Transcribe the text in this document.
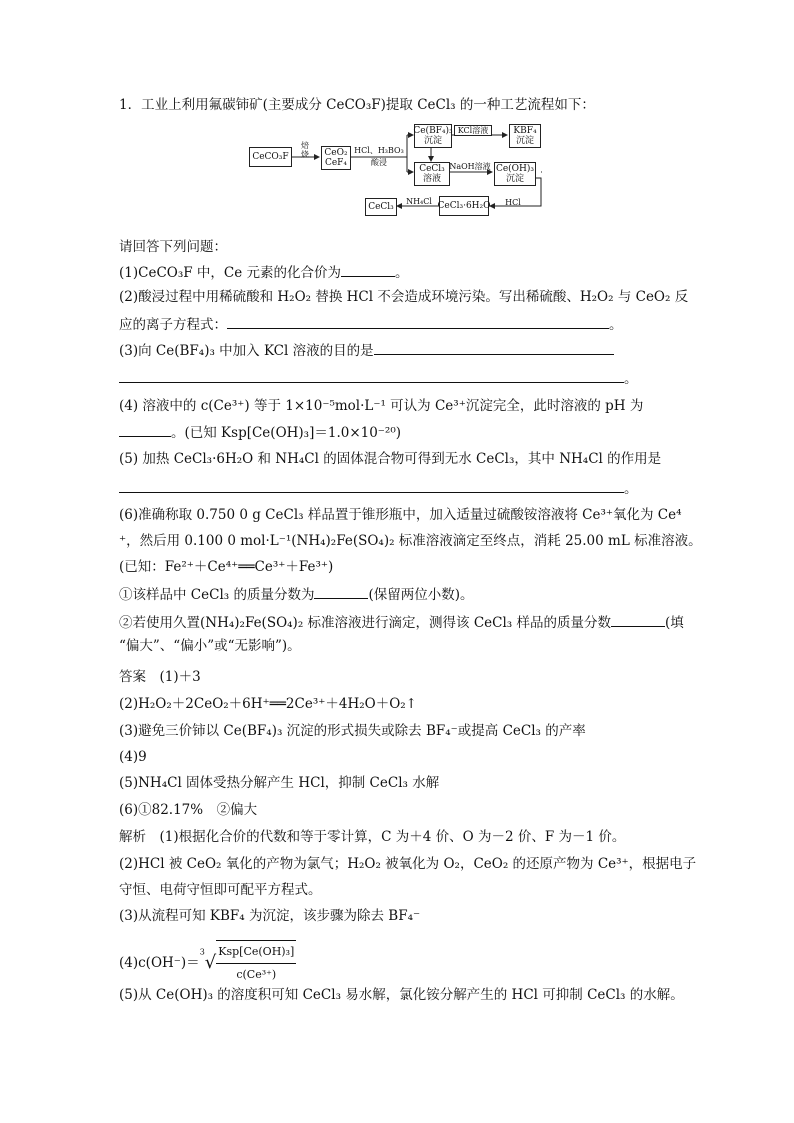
1．工业上利用氟碳铈矿(主要成分 CeCO₃F)提取 CeCl₃ 的一种工艺流程如下：
CeCO₃F
焙
烧	CeO₂
CeF₄
HCl、H₃BO₃
酸浸
Ce(BF₄)₃
沉淀
KCl溶液	KBF₄
沉淀
CeCl₃
溶液
NaOH溶液 Ce(OH)₃
沉淀
HCl
CeCl₃·6H₂O
NH₄Cl
CeCl₃
请回答下列问题：
(1)CeCO₃F 中，Ce 元素的化合价为	。
(2)酸浸过程中用稀硫酸和 H₂O₂ 替换 HCl 不会造成环境污染。写出稀硫酸、H₂O₂ 与 CeO₂ 反
应的离子方程式：	。
(3)向 Ce(BF₄)₃ 中加入 KCl 溶液的目的是
。
(4) 溶液中的 c(Ce³⁺) 等于 1×10⁻⁵mol·L⁻¹ 可认为 Ce³⁺沉淀完全，此时溶液的 pH 为
。(已知 Ksp[Ce(OH)₃]＝1.0×10⁻²⁰)
(5) 加热 CeCl₃·6H₂O 和 NH₄Cl 的固体混合物可得到无水 CeCl₃，其中 NH₄Cl 的作用是
。
(6)准确称取 0.750 0 g CeCl₃ 样品置于锥形瓶中，加入适量过硫酸铵溶液将 Ce³⁺氧化为 Ce⁴
⁺，然后用 0.100 0 mol·L⁻¹(NH₄)₂Fe(SO₄)₂ 标准溶液滴定至终点，消耗 25.00 mL 标准溶液。
(已知：Fe²⁺＋Ce⁴⁺══Ce³⁺＋Fe³⁺)
①该样品中 CeCl₃ 的质量分数为	(保留两位小数)。
②若使用久置(NH₄)₂Fe(SO₄)₂ 标准溶液进行滴定，测得该 CeCl₃ 样品的质量分数	(填
“偏大”、“偏小”或“无影响”)。
答案　(1)＋3
(2)H₂O₂＋2CeO₂＋6H⁺══2Ce³⁺＋4H₂O＋O₂↑
(3)避免三价铈以 Ce(BF₄)₃ 沉淀的形式损失或除去 BF₄⁻或提高 CeCl₃ 的产率
(4)9
(5)NH₄Cl 固体受热分解产生 HCl，抑制 CeCl₃ 水解
(6)①82.17%　②偏大
解析　(1)根据化合价的代数和等于零计算，C 为＋4 价、O 为－2 价、F 为－1 价。
(2)HCl 被 CeO₂ 氧化的产物为氯气；H₂O₂ 被氧化为 O₂，CeO₂ 的还原产物为 Ce³⁺，根据电子
守恒、电荷守恒即可配平方程式。
(3)从流程可知 KBF₄ 为沉淀，该步骤为除去 BF₄⁻
$(4)c(OH^-)=^3√ \frac{\text{Ksp[Ce(OH)₃]}}{\text{c(Ce³⁺)}}$
(5)从 Ce(OH)₃ 的溶度积可知 CeCl₃ 易水解，氯化铵分解产生的 HCl 可抑制 CeCl₃ 的水解。
